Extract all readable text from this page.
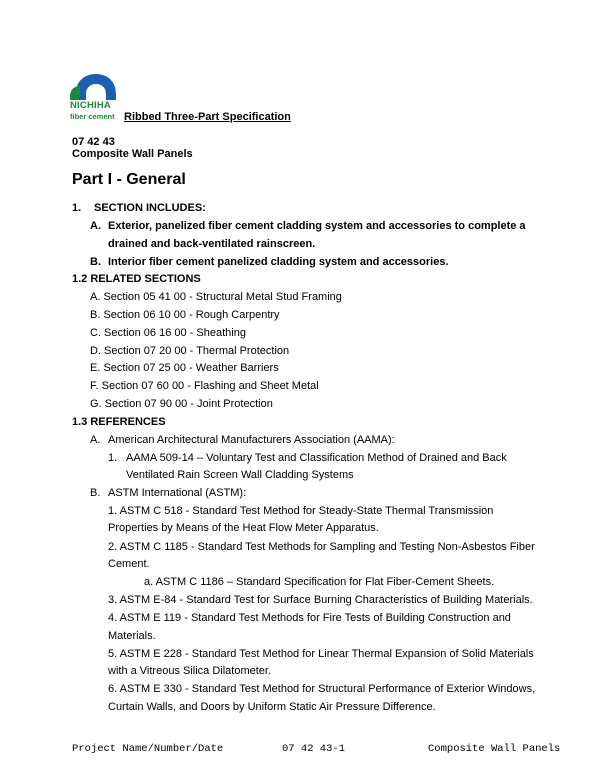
NICHIHA
fiber cement Ribbed Three-Part Specification
07 42 43
Composite Wall Panels
Part I - General
1. SECTION INCLUDES:
A. Exterior, panelized fiber cement cladding system and accessories to complete a
drained and back-ventilated rainscreen.
B. Interior fiber cement panelized cladding system and accessories.
1.2 RELATED SECTIONS
A. Section 05 41 00 - Structural Metal Stud Framing
B. Section 06 10 00 - Rough Carpentry
C. Section 06 16 00 - Sheathing
D. Section 07 20 00 - Thermal Protection
E. Section 07 25 00 - Weather Barriers
F. Section 07 60 00 - Flashing and Sheet Metal
G. Section 07 90 00 - Joint Protection
1.3 REFERENCES
A. American Architectural Manufacturers Association (AAMA):
1. AAMA 509-14 – Voluntary Test and Classification Method of Drained and Back
Ventilated Rain Screen Wall Cladding Systems
B. ASTM International (ASTM):
1. ASTM C 518 - Standard Test Method for Steady-State Thermal Transmission
Properties by Means of the Heat Flow Meter Apparatus.
2. ASTM C 1185 - Standard Test Methods for Sampling and Testing Non-Asbestos Fiber
Cement.
a. ASTM C 1186 – Standard Specification for Flat Fiber-Cement Sheets.
3. ASTM E-84 - Standard Test for Surface Burning Characteristics of Building Materials.
4. ASTM E 119 - Standard Test Methods for Fire Tests of Building Construction and
Materials.
5. ASTM E 228 - Standard Test Method for Linear Thermal Expansion of Solid Materials
with a Vitreous Silica Dilatometer.
6. ASTM E 330 - Standard Test Method for Structural Performance of Exterior Windows,
Curtain Walls, and Doors by Uniform Static Air Pressure Difference.
Project Name/Number/Date	07 42 43-1	Composite Wall Panels
